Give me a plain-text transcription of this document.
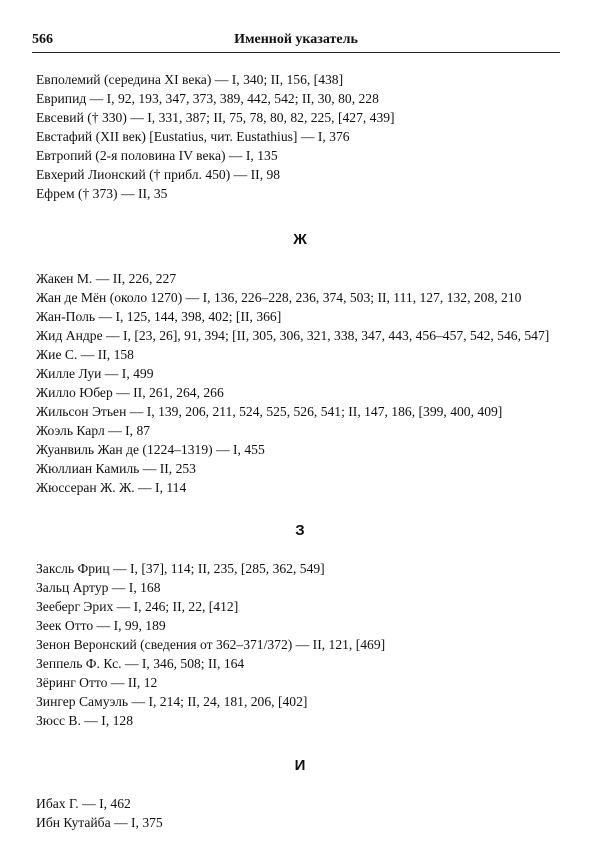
566	Именной указатель
Евполемий (середина XI века) — I, 340; II, 156, [438]
Еврипид — I, 92, 193, 347, 373, 389, 442, 542; II, 30, 80, 228
Евсевий († 330) — I, 331, 387; II, 75, 78, 80, 82, 225, [427, 439]
Евстафий (XII век) [Eustatius, чит. Eustathius] — I, 376
Евтропий (2-я половина IV века) — I, 135
Евхерий Лионский († прибл. 450) — II, 98
Ефрем († 373) — II, 35
Ж
Жакен М. — II, 226, 227
Жан де Мён (около 1270) — I, 136, 226–228, 236, 374, 503; II, 111, 127, 132, 208, 210
Жан-Поль — I, 125, 144, 398, 402; [II, 366]
Жид Андре — I, [23, 26], 91, 394; [II, 305, 306, 321, 338, 347, 443, 456–457, 542, 546, 547]
Жие С. — II, 158
Жилле Луи — I, 499
Жилло Юбер — II, 261, 264, 266
Жильсон Этьен — I, 139, 206, 211, 524, 525, 526, 541; II, 147, 186, [399, 400, 409]
Жоэль Карл — I, 87
Жуанвиль Жан де (1224–1319) — I, 455
Жюллиан Камиль — II, 253
Жюссеран Ж. Ж. — I, 114
З
Заксль Фриц — I, [37], 114; II, 235, [285, 362, 549]
Зальц Артур — I, 168
Зееберг Эрих — I, 246; II, 22, [412]
Зеек Отто — I, 99, 189
Зенон Веронский (сведения от 362–371/372) — II, 121, [469]
Зеппель Ф. Кс. — I, 346, 508; II, 164
Зёринг Отто — II, 12
Зингер Самуэль — I, 214; II, 24, 181, 206, [402]
Зюсс В. — I, 128
И
Ибах Г. — I, 462
Ибн Кутайба — I, 375
